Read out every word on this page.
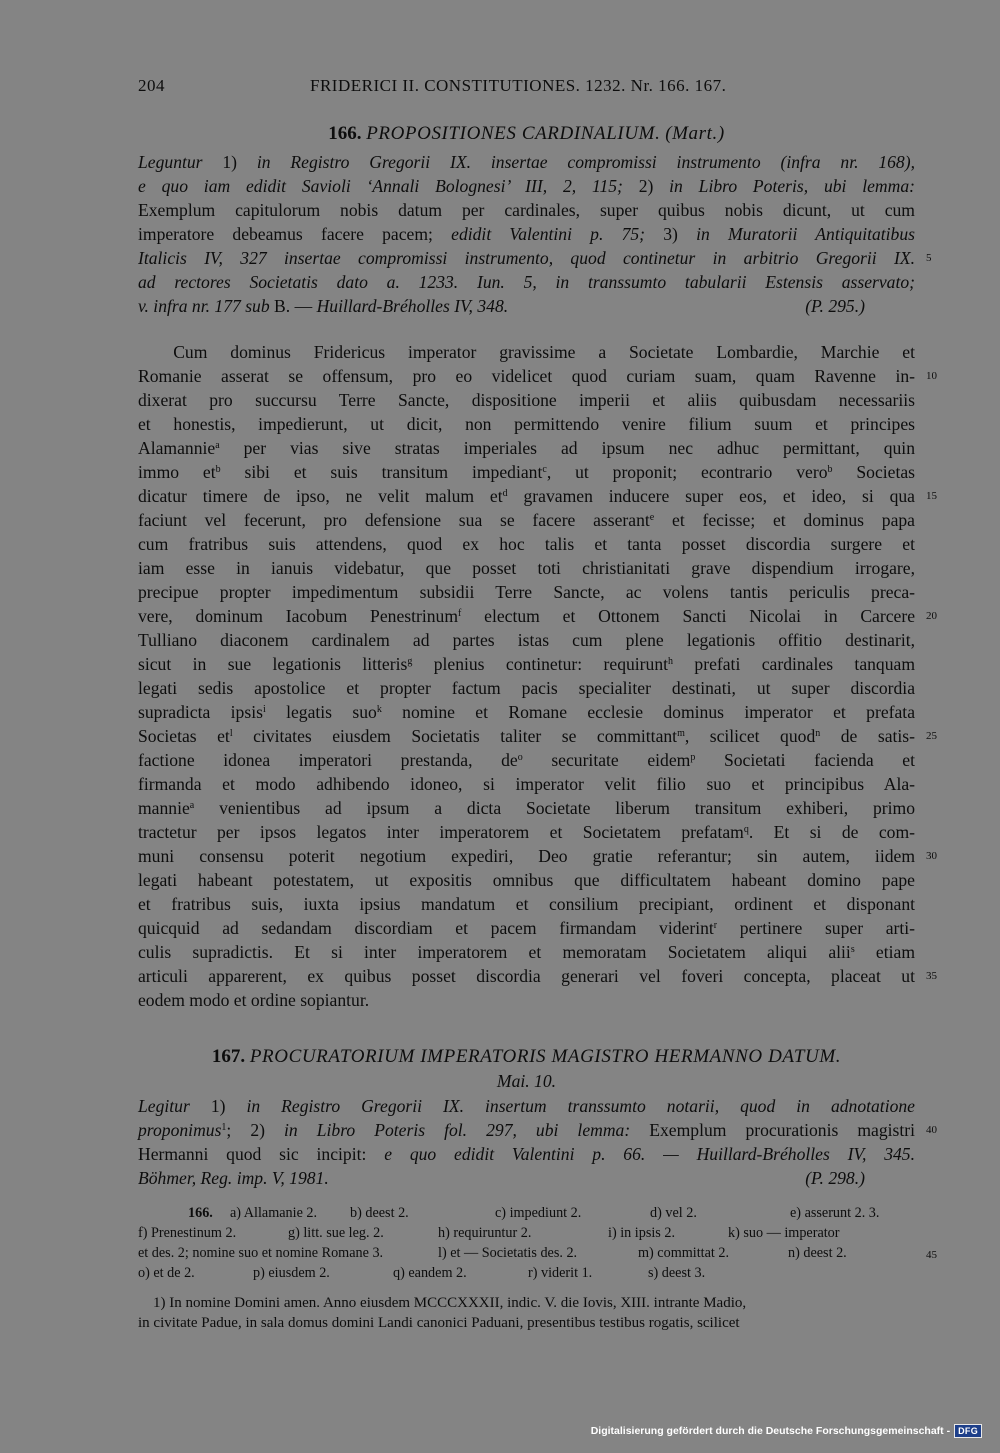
204	FRIDERICI II. CONSTITUTIONES. 1232. Nr. 166. 167.
166. PROPOSITIONES CARDINALIUM. (Mart.)
Leguntur 1) in Registro Gregorii IX. insertae compromissi instrumento (infra nr. 168),
e quo iam edidit Savioli ‘Annali Bolognesi’ III, 2, 115; 2) in Libro Poteris, ubi lemma:
Exemplum capitulorum nobis datum per cardinales, super quibus nobis dicunt, ut cum
imperatore debeamus facere pacem; edidit Valentini p. 75; 3) in Muratorii Antiquitatibus
Italicis IV, 327 insertae compromissi instrumento, quod continetur in arbitrio Gregorii IX.
ad rectores Societatis dato a. 1233. Iun. 5, in transsumto tabularii Estensis asservato;
v. infra nr. 177 sub B. — Huillard-Bréholles IV, 348.	(P. 295.)
  Cum dominus Fridericus imperator gravissime a Societate Lombardie, Marchie et
Romanie asserat se offensum, pro eo videlicet quod curiam suam, quam Ravenne in-
dixerat pro succursu Terre Sancte, dispositione imperii et aliis quibusdam necessariis
et honestis, impedierunt, ut dicit, non permittendo venire filium suum et principes
Alamannie$^a$ per vias sive stratas imperiales ad ipsum nec adhuc permittant, quin
immo $et^b$ sibi et suis transitum impediant$^c$, ut proponit; econtrario vero$^b$ Societas
dicatur timere de ipso, ne velit malum $et^d$ gravamen inducere super eos, et ideo, si qua
faciunt vel fecerunt, pro defensione sua se facere asserant$^e$ et fecisse; et dominus papa
cum fratribus suis attendens, quod ex hoc talis et tanta posset discordia surgere et
iam esse in ianuis videbatur, que posset toti christianitati grave dispendium irrogare,
precipue propter impedimentum subsidii Terre Sancte, ac volens tantis periculis preca-
vere, dominum Iacobum Penestrinum$^f$ electum et Ottonem Sancti Nicolai in Carcere
Tulliano diaconem cardinalem ad partes istas cum plene legationis offitio destinarit,
sicut in sue legationis litteris$^g$ plenius continetur: requirunt$^h$ prefati cardinales tanquam
legati sedis apostolice et propter factum pacis specialiter destinati, ut super discordia
supradicta ipsis$^i$ legatis suo$^k$ nomine et Romane ecclesie dominus imperator et prefata
Societas $et^l$ civitates eiusdem Societatis taliter se committant$^m$, scilicet quod$^n$ de satis-
factione idonea imperatori prestanda, $de^o$ securitate eidem$^p$ Societati facienda et
firmanda et modo adhibendo idoneo, si imperator velit filio suo et principibus Ala-
mannie$^a$ venientibus ad ipsum a dicta Societate liberum transitum exhiberi, primo
tractetur per ipsos legatos inter imperatorem et Societatem prefatam$^q$. Et si de com-
muni consensu poterit negotium expediri, Deo gratie referantur; sin autem, iidem
legati habeant potestatem, ut expositis omnibus que difficultatem habeant domino pape
et fratribus suis, iuxta ipsius mandatum et consilium precipiant, ordinent et disponant
quicquid ad sedandam discordiam et pacem firmandam viderint$^r$ pertinere super arti-
culis supradictis. Et si inter imperatorem et memoratam Societatem aliqui alii$^s$ etiam
articuli apparerent, ex quibus posset discordia generari vel foveri concepta, placeat ut
eodem modo et ordine sopiantur.
167. PROCURATORIUM IMPERATORIS MAGISTRO HERMANNO DATUM.
Mai. 10.
Legitur 1) in Registro Gregorii IX. insertum transsumto notarii, quod in adnotatione
proponimus$^1$; 2) in Libro Poteris fol. 297, ubi lemma: Exemplum procurationis magistri
Hermanni quod sic incipit: e quo edidit Valentini p. 66. — Huillard-Bréholles IV, 345.
Böhmer, Reg. imp. V, 1981.	(P. 298.)
166. a) Allamanie 2. b) deest 2.	c) impediunt 2.	d) vel 2.	e) asserunt 2. 3.
f) Prenestinum 2.	g) litt. sue leg. 2.	h) requiruntur 2.	i) in ipsis 2.	k) suo — imperator
et des. 2; nomine suo et nomine Romane 3.	l) et — Societatis des. 2.	m) committat 2.	n) deest 2.
o) et de 2.	p) eiusdem 2.	q) eandem 2.	r) viderit 1.	s) deest 3.
 1) In nomine Domini amen. Anno eiusdem MCCCXXXII, indic. V. die Iovis, XIII. intrante Madio,
in civitate Padue, in sala domus domini Landi canonici Paduani, presentibus testibus rogatis, scilicet
5
10
15
20
25
30
35
40
45
Digitalisierung gefördert durch die Deutsche Forschungsgemeinschaft - DFG
